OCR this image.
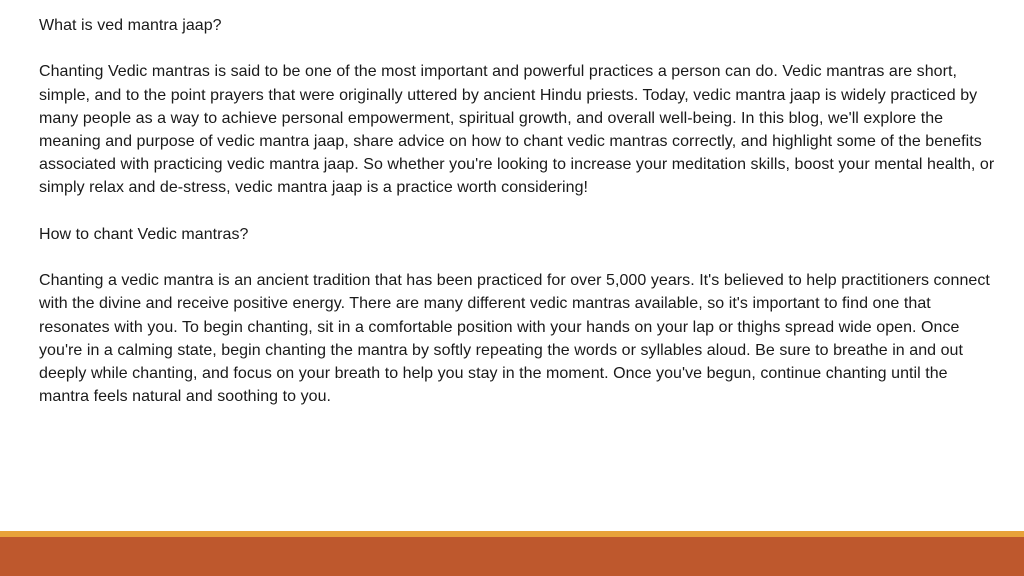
What is ved mantra jaap?

Chanting Vedic mantras is said to be one of the most important and powerful practices a person can do. Vedic mantras are short, simple, and to the point prayers that were originally uttered by ancient Hindu priests. Today, vedic mantra jaap is widely practiced by many people as a way to achieve personal empowerment, spiritual growth, and overall well-being. In this blog, we'll explore the meaning and purpose of vedic mantra jaap, share advice on how to chant vedic mantras correctly, and highlight some of the benefits associated with practicing vedic mantra jaap. So whether you're looking to increase your meditation skills, boost your mental health, or simply relax and de-stress, vedic mantra jaap is a practice worth considering!

How to chant Vedic mantras?

Chanting a vedic mantra is an ancient tradition that has been practiced for over 5,000 years. It's believed to help practitioners connect with the divine and receive positive energy. There are many different vedic mantras available, so it's important to find one that resonates with you. To begin chanting, sit in a comfortable position with your hands on your lap or thighs spread wide open. Once you're in a calming state, begin chanting the mantra by softly repeating the words or syllables aloud. Be sure to breathe in and out deeply while chanting, and focus on your breath to help you stay in the moment. Once you've begun, continue chanting until the mantra feels natural and soothing to you.
